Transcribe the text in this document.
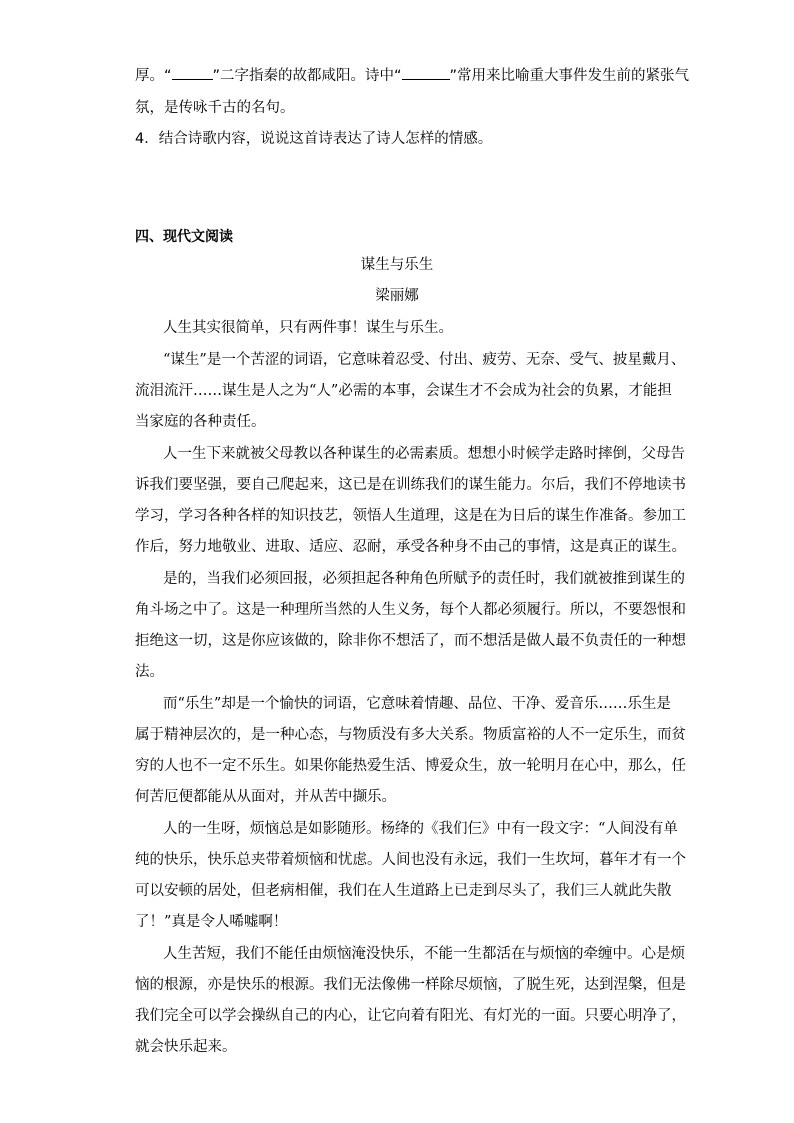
厚。“	”二字指秦的故都咸阳。诗中“	”常用来比喻重大事件发生前的紧张气
氛，是传咏千古的名句。
4．结合诗歌内容，说说这首诗表达了诗人怎样的情感。
四、现代文阅读
谋生与乐生
梁丽娜
人生其实很简单，只有两件事！谋生与乐生。
“谋生”是一个苦涩的词语，它意味着忍受、付出、疲劳、无奈、受气、披星戴月、
流泪流汗……谋生是人之为“人”必需的本事，会谋生才不会成为社会的负累，才能担
当家庭的各种责任。
人一生下来就被父母教以各种谋生的必需素质。想想小时候学走路时摔倒，父母告
诉我们要坚强，要自己爬起来，这已是在训练我们的谋生能力。尔后，我们不停地读书
学习，学习各种各样的知识技艺，领悟人生道理，这是在为日后的谋生作准备。参加工
作后，努力地敬业、进取、适应、忍耐，承受各种身不由己的事情，这是真正的谋生。
是的，当我们必须回报，必须担起各种角色所赋予的责任时，我们就被推到谋生的
角斗场之中了。这是一种理所当然的人生义务，每个人都必须履行。所以，不要怨恨和
拒绝这一切，这是你应该做的，除非你不想活了，而不想活是做人最不负责任的一种想
法。
而“乐生”却是一个愉快的词语，它意味着情趣、品位、干净、爱音乐……乐生是
属于精神层次的，是一种心态，与物质没有多大关系。物质富裕的人不一定乐生，而贫
穷的人也不一定不乐生。如果你能热爱生活、博爱众生，放一轮明月在心中，那么，任
何苦厄便都能从从面对，并从苦中撷乐。
人的一生呀，烦恼总是如影随形。杨绛的《我们仨》中有一段文字：“人间没有单
纯的快乐，快乐总夹带着烦恼和忧虑。人间也没有永远，我们一生坎坷，暮年才有一个
可以安顿的居处，但老病相催，我们在人生道路上已走到尽头了，我们三人就此失散
了！”真是令人唏嘘啊！
人生苦短，我们不能任由烦恼淹没快乐，不能一生都活在与烦恼的牵缠中。心是烦
恼的根源，亦是快乐的根源。我们无法像佛一样除尽烦恼，了脱生死，达到涅槃，但是
我们完全可以学会操纵自己的内心，让它向着有阳光、有灯光的一面。只要心明净了，
就会快乐起来。
